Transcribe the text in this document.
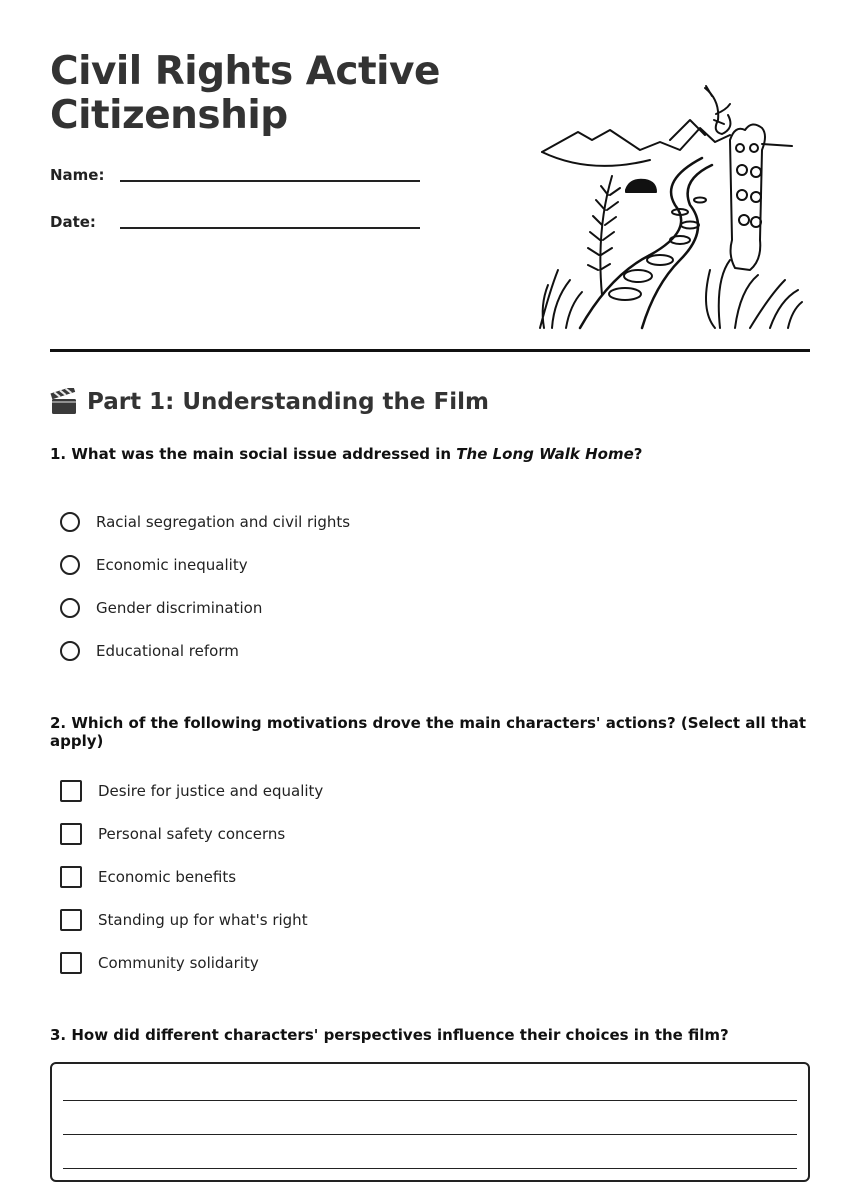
Civil Rights Active
Citizenship
Name:
Date:
Part 1: Understanding the Film

1. What was the main social issue addressed in The Long Walk Home?

Racial segregation and civil rights
Economic inequality
Gender discrimination
Educational reform

2. Which of the following motivations drove the main characters' actions? (Select all that apply)

Desire for justice and equality
Personal safety concerns
Economic benefits
Standing up for what's right
Community solidarity

3. How did different characters' perspectives influence their choices in the film?
